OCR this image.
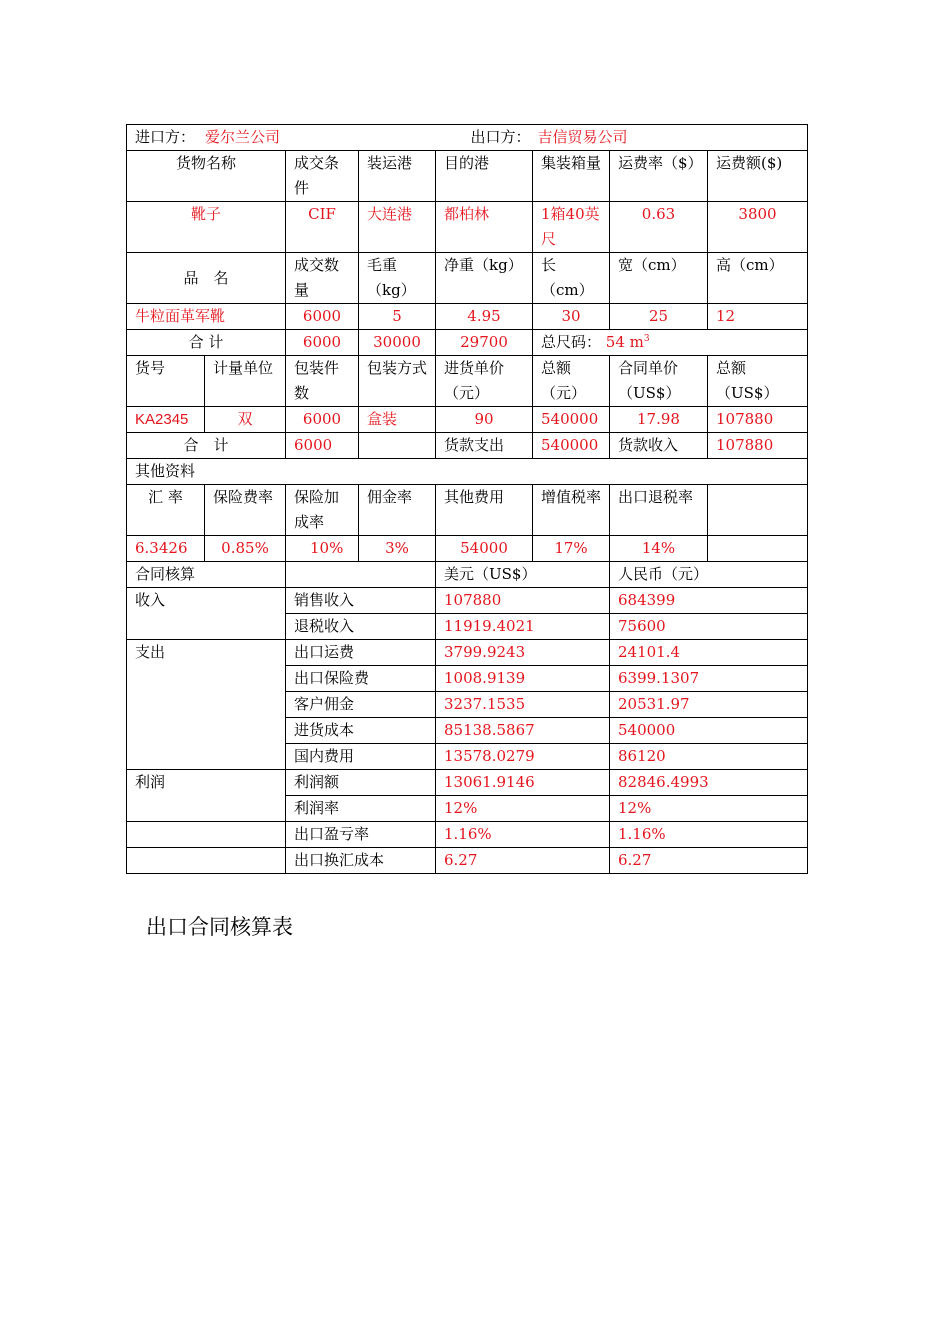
进口方： 爱尔兰公司 出口方： 吉信贸易公司							

货物名称		成交条件	装运港	目的港	集装箱量	运费率（$）	运费额($)
靴子		CIF	大连港	都柏林	1箱40英尺	0.63	3800
品　名		成交数量	毛重（kg）	净重（kg）	长（cm）	宽（cm）	高（cm）
牛粒面革军靴		6000	5	4.95	30	25	12
合 计		6000	30000	29700	总尺码： 54 $m^3$
货号	计量单位	包装件数	包装方式	进货单价（元）	总额（元）	合同单价（US$）	总额（US$）
KA2345	双	6000	盒装	90	540000	17.98	107880
合　计		6000		货款支出	540000	货款收入	107880
其他资料							
汇 率	保险费率	保险加成率	佣金率	其他费用	增值税率	出口退税率	
6.3426	0.85%	10%	3%	54000	17%	14%	
合同核算				美元（US$）		人民币（元）	
收入		销售收入		107880		684399	
		退税收入		11919.4021		75600	
支出		出口运费		3799.9243		24101.4	
		出口保险费		1008.9139		6399.1307	
		客户佣金		3237.1535		20531.97	
		进货成本		85138.5867		540000	
		国内费用		13578.0279		86120	
利润		利润额		13061.9146		82846.4993	
		利润率		12%		12%	
		出口盈亏率		1.16%		1.16%	
		出口换汇成本		6.27		6.27	
出口合同核算表
